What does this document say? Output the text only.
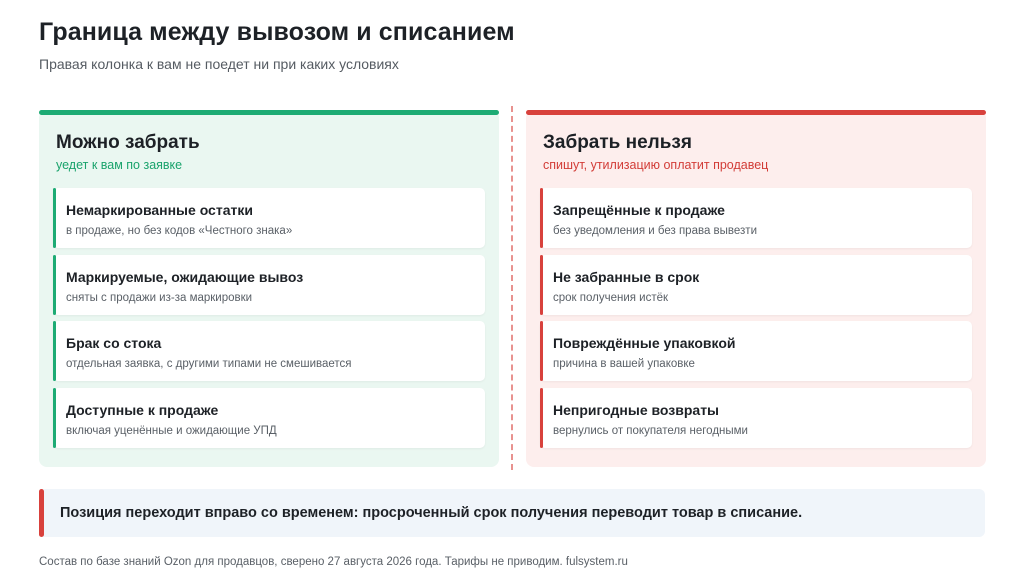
Граница между вывозом и списанием
Правая колонка к вам не поедет ни при каких условиях
Можно забрать
уедет к вам по заявке
Немаркированные остатки
в продаже, но без кодов «Честного знака»
Маркируемые, ожидающие вывоз
сняты с продажи из-за маркировки
Брак со стока
отдельная заявка, с другими типами не смешивается
Доступные к продаже
включая уценённые и ожидающие УПД
Забрать нельзя
спишут, утилизацию оплатит продавец
Запрещённые к продаже
без уведомления и без права вывезти
Не забранные в срок
срок получения истёк
Повреждённые упаковкой
причина в вашей упаковке
Непригодные возвраты
вернулись от покупателя негодными
Позиция переходит вправо со временем: просроченный срок получения переводит товар в списание.
Состав по базе знаний Ozon для продавцов, сверено 27 августа 2026 года. Тарифы не приводим. fulsystem.ru
